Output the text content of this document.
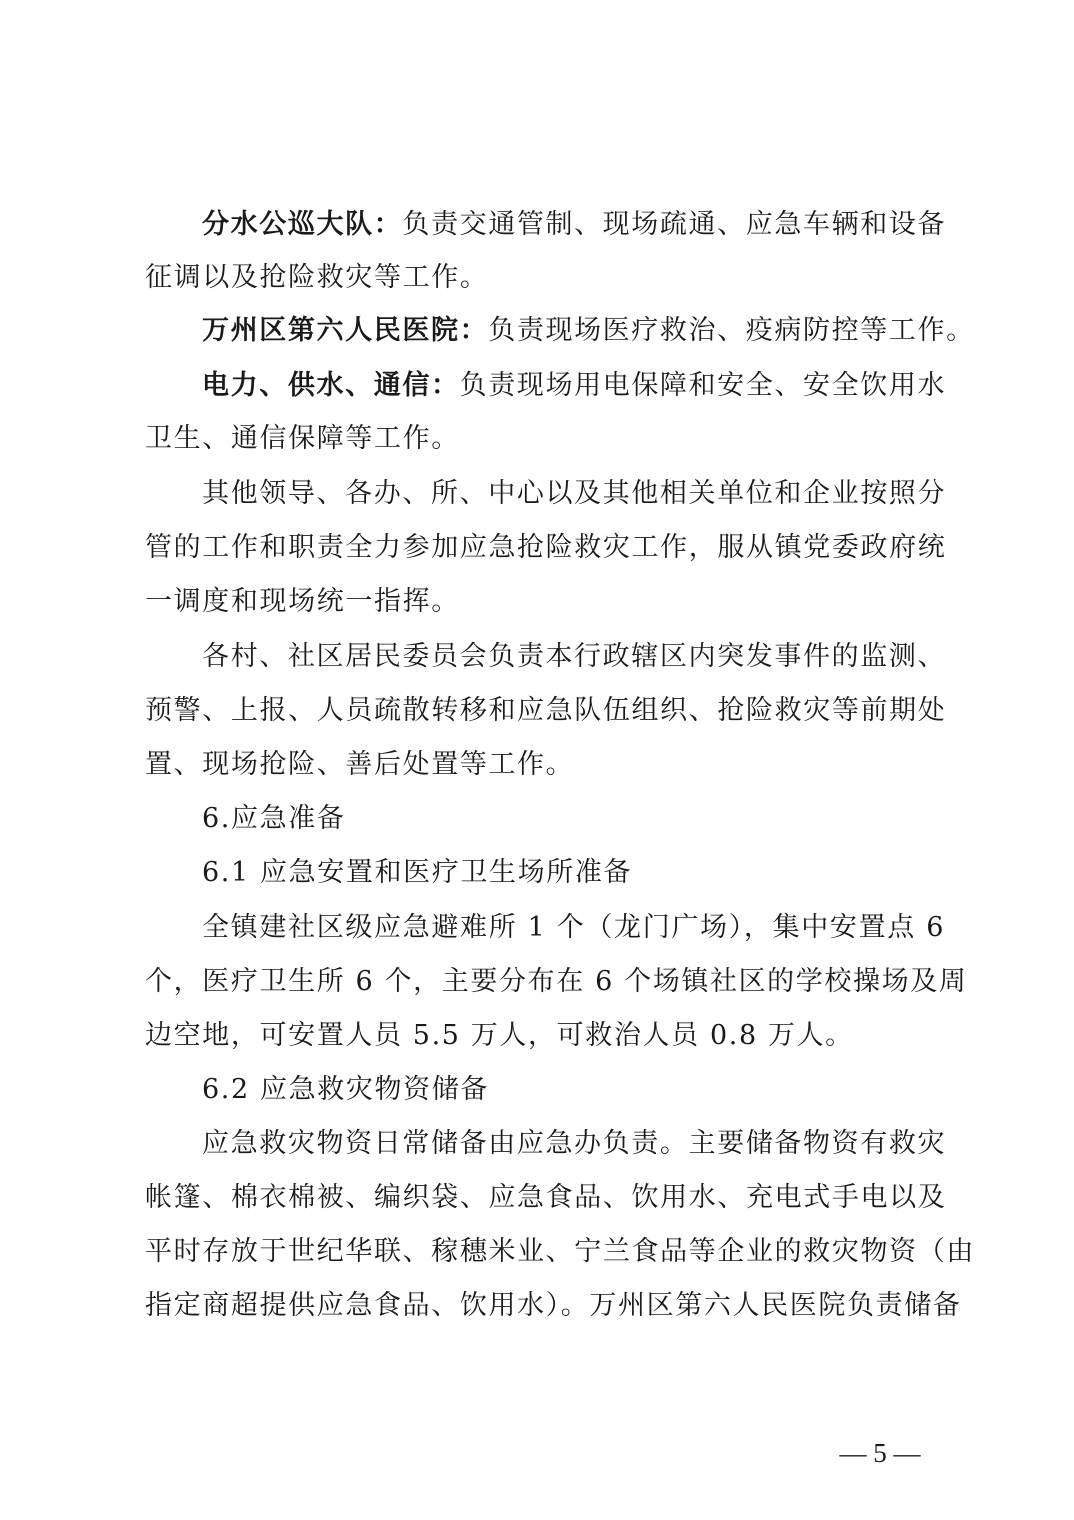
分水公巡大队：负责交通管制、现场疏通、应急车辆和设备
征调以及抢险救灾等工作。
万州区第六人民医院：负责现场医疗救治、疫病防控等工作。
电力、供水、通信：负责现场用电保障和安全、安全饮用水
卫生、通信保障等工作。
其他领导、各办、所、中心以及其他相关单位和企业按照分
管的工作和职责全力参加应急抢险救灾工作，服从镇党委政府统
一调度和现场统一指挥。
各村、社区居民委员会负责本行政辖区内突发事件的监测、
预警、上报、人员疏散转移和应急队伍组织、抢险救灾等前期处
置、现场抢险、善后处置等工作。
6.应急准备
6.1 应急安置和医疗卫生场所准备
全镇建社区级应急避难所 1 个（龙门广场），集中安置点 6
个，医疗卫生所 6 个，主要分布在 6 个场镇社区的学校操场及周
边空地，可安置人员 5.5 万人，可救治人员 0.8 万人。
6.2 应急救灾物资储备
应急救灾物资日常储备由应急办负责。主要储备物资有救灾
帐篷、棉衣棉被、编织袋、应急食品、饮用水、充电式手电以及
平时存放于世纪华联、稼穗米业、宁兰食品等企业的救灾物资（由
指定商超提供应急食品、饮用水）。万州区第六人民医院负责储备
— 5 —
